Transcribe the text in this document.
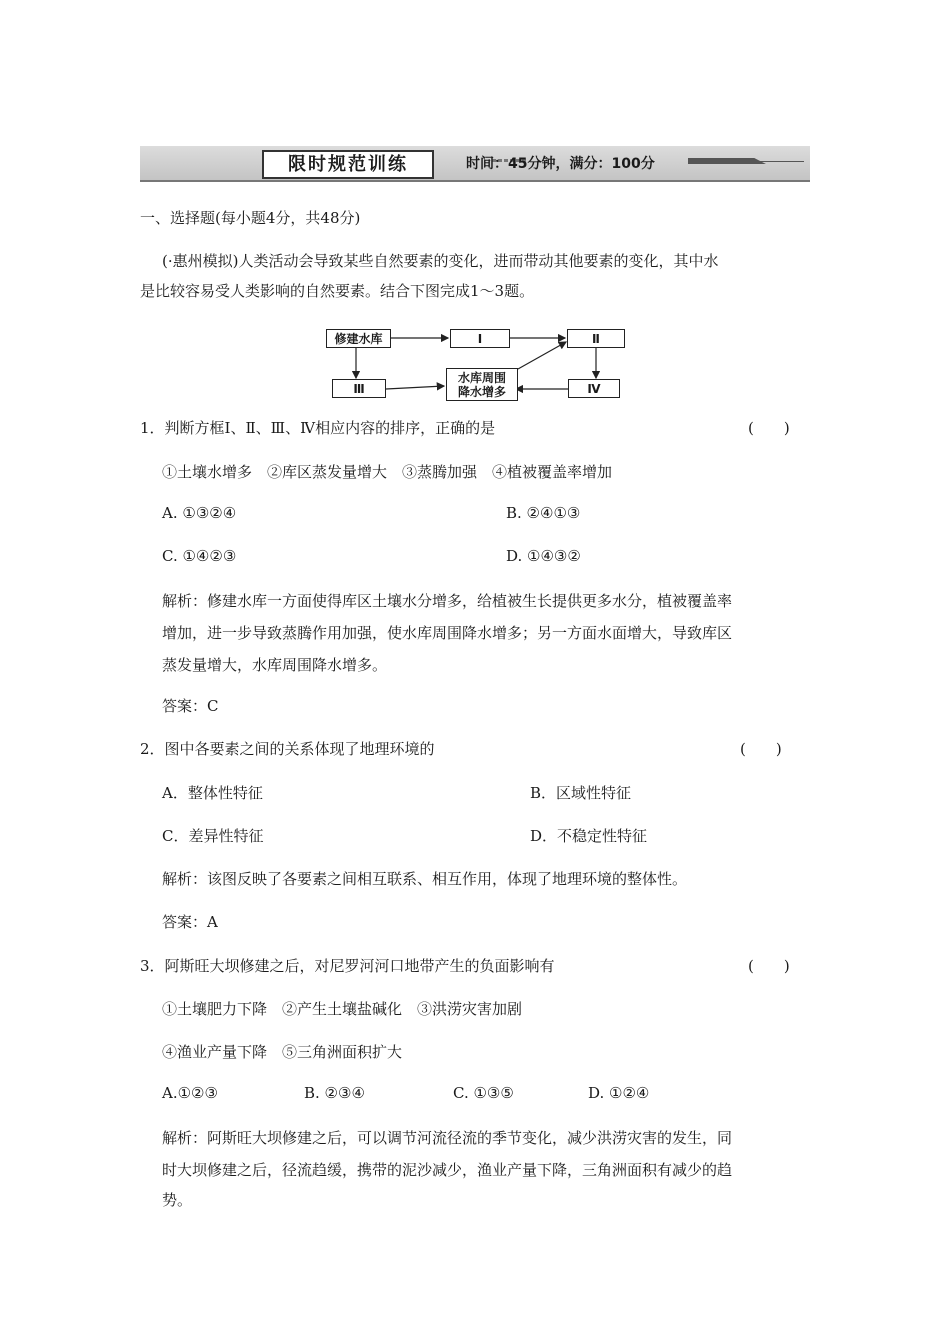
限时规范训练	时间：45分钟，满分：100分
一、选择题(每小题4分，共48分)
(·惠州模拟)人类活动会导致某些自然要素的变化，进而带动其他要素的变化，其中水
是比较容易受人类影响的自然要素。结合下图完成1～3题。
修建水库	Ⅰ	Ⅱ
Ⅲ
水库周围
降水增多	Ⅳ
1．判断方框Ⅰ、Ⅱ、Ⅲ、Ⅳ相应内容的排序，正确的是	(　　)
①土壤水增多　②库区蒸发量增大　③蒸腾加强　④植被覆盖率增加
A. ①③②④	B. ②④①③
C. ①④②③	D. ①④③②
解析：修建水库一方面使得库区土壤水分增多，给植被生长提供更多水分，植被覆盖率
增加，进一步导致蒸腾作用加强，使水库周围降水增多；另一方面水面增大，导致库区
蒸发量增大，水库周围降水增多。
答案：C
2．图中各要素之间的关系体现了地理环境的	(　　)
A．整体性特征	B．区域性特征
C．差异性特征	D．不稳定性特征
解析：该图反映了各要素之间相互联系、相互作用，体现了地理环境的整体性。
答案：A
3．阿斯旺大坝修建之后，对尼罗河河口地带产生的负面影响有	(　　)
①土壤肥力下降　②产生土壤盐碱化　③洪涝灾害加剧
④渔业产量下降　⑤三角洲面积扩大
A.①②③	B. ②③④	C. ①③⑤	D. ①②④
解析：阿斯旺大坝修建之后，可以调节河流径流的季节变化，减少洪涝灾害的发生，同
时大坝修建之后，径流趋缓，携带的泥沙减少，渔业产量下降，三角洲面积有减少的趋
势。
